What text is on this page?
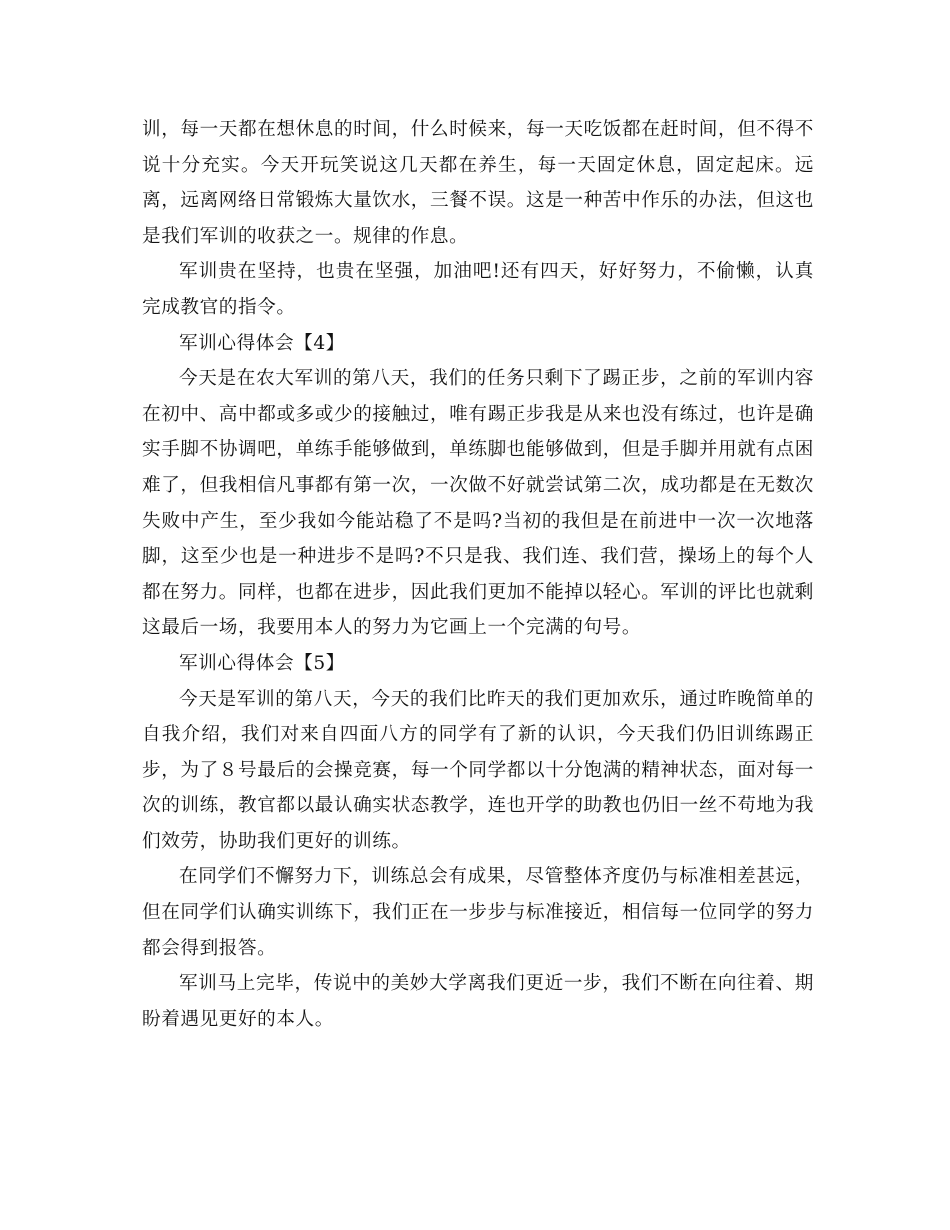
训，每一天都在想休息的时间，什么时候来，每一天吃饭都在赶时间，但不得不说十分充实。今天开玩笑说这几天都在养生，每一天固定休息，固定起床。远离，远离网络日常锻炼大量饮水，三餐不误。这是一种苦中作乐的办法，但这也是我们军训的收获之一。规律的作息。

军训贵在坚持，也贵在坚强，加油吧!还有四天，好好努力，不偷懒，认真完成教官的指令。

军训心得体会【4】

今天是在农大军训的第八天，我们的任务只剩下了踢正步，之前的军训内容在初中、高中都或多或少的接触过，唯有踢正步我是从来也没有练过，也许是确实手脚不协调吧，单练手能够做到，单练脚也能够做到，但是手脚并用就有点困难了，但我相信凡事都有第一次，一次做不好就尝试第二次，成功都是在无数次失败中产生，至少我如今能站稳了不是吗?当初的我但是在前进中一次一次地落脚，这至少也是一种进步不是吗?不只是我、我们连、我们营，操场上的每个人都在努力。同样，也都在进步，因此我们更加不能掉以轻心。军训的评比也就剩这最后一场，我要用本人的努力为它画上一个完满的句号。

军训心得体会【5】

今天是军训的第八天，今天的我们比昨天的我们更加欢乐，通过昨晚简单的自我介绍，我们对来自四面八方的同学有了新的认识，今天我们仍旧训练踢正步，为了８号最后的会操竞赛，每一个同学都以十分饱满的精神状态，面对每一次的训练，教官都以最认确实状态教学，连也开学的助教也仍旧一丝不苟地为我们效劳，协助我们更好的训练。

在同学们不懈努力下，训练总会有成果，尽管整体齐度仍与标准相差甚远，但在同学们认确实训练下，我们正在一步步与标准接近，相信每一位同学的努力都会得到报答。

军训马上完毕，传说中的美妙大学离我们更近一步，我们不断在向往着、期盼着遇见更好的本人。
